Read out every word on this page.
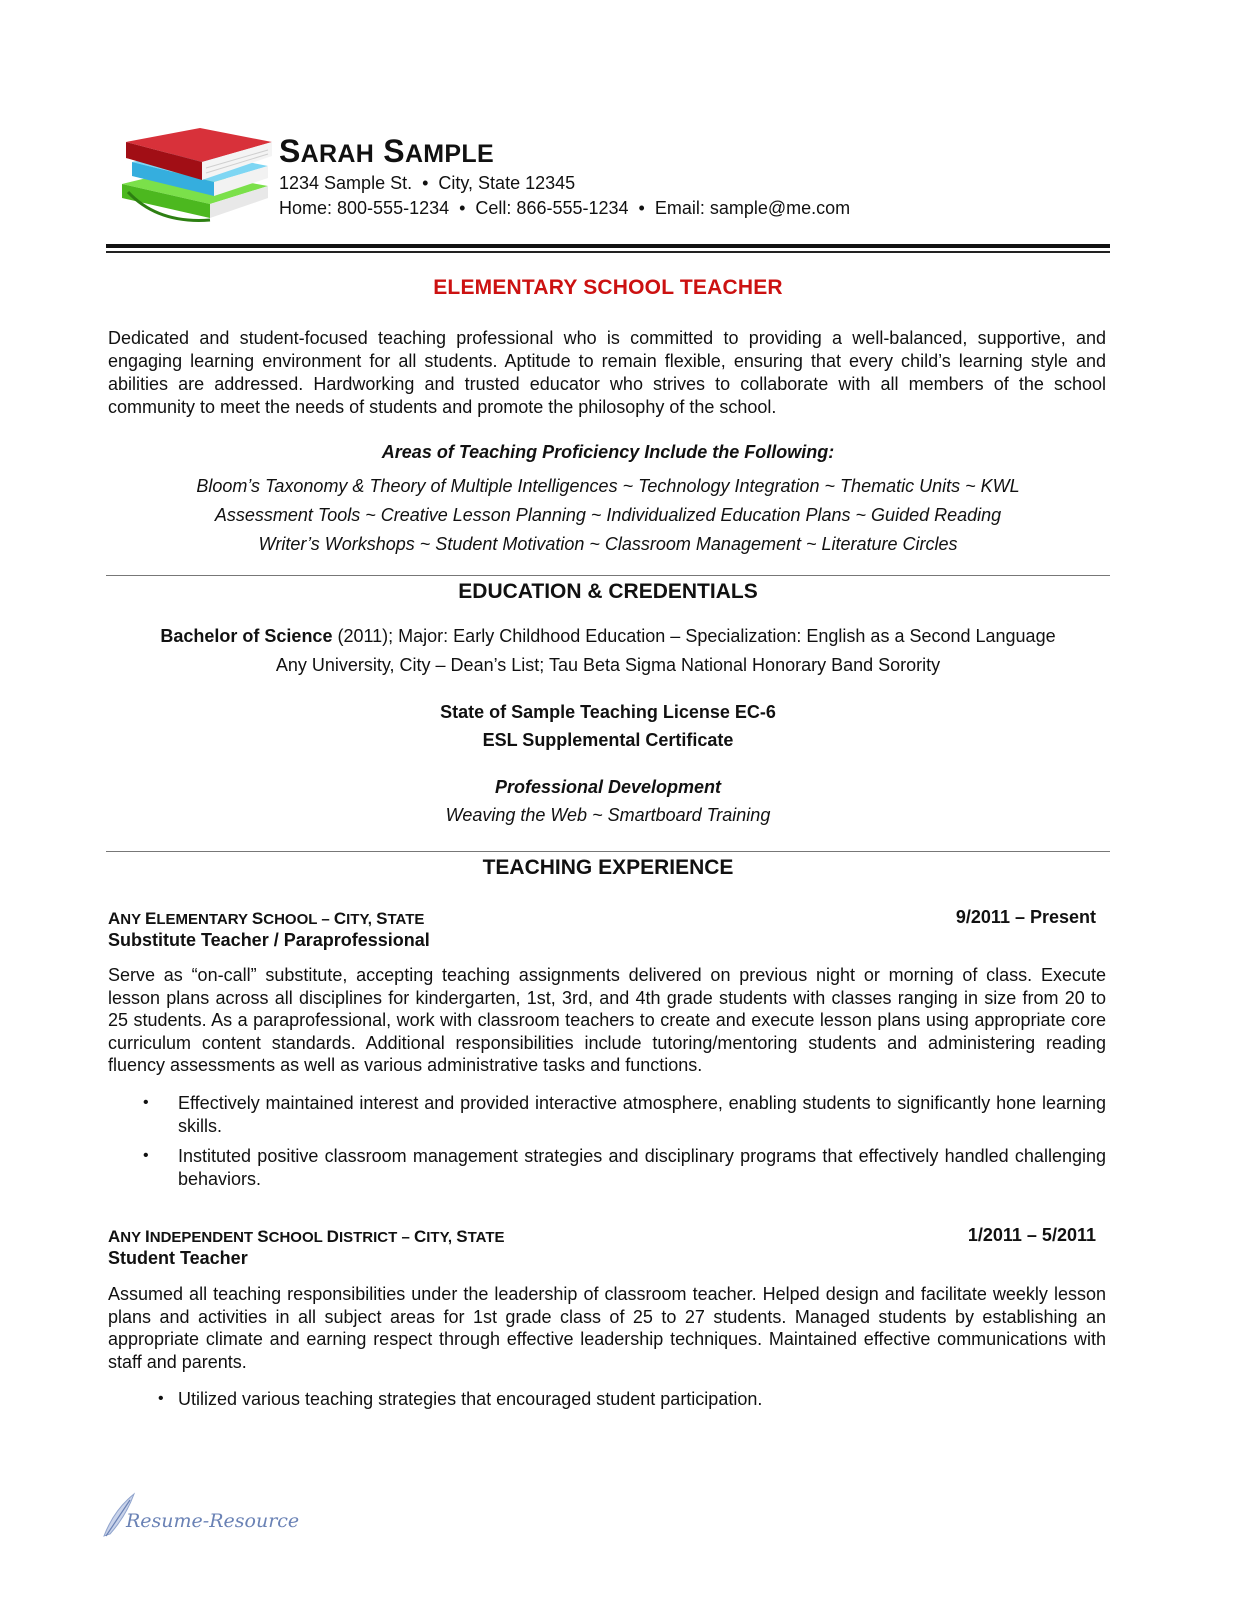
SARAH SAMPLE
1234 Sample St.  •  City, State 12345
Home: 800-555-1234  •  Cell: 866-555-1234  •  Email: sample@me.com
ELEMENTARY SCHOOL TEACHER
Dedicated and student-focused teaching professional who is committed to providing a well-balanced, supportive, and engaging learning environment for all students. Aptitude to remain flexible, ensuring that every child’s learning style and abilities are addressed. Hardworking and trusted educator who strives to collaborate with all members of the school community to meet the needs of students and promote the philosophy of the school.
Areas of Teaching Proficiency Include the Following:
Bloom’s Taxonomy & Theory of Multiple Intelligences ~ Technology Integration ~ Thematic Units ~ KWL
Assessment Tools ~ Creative Lesson Planning ~ Individualized Education Plans ~ Guided Reading
Writer’s Workshops ~ Student Motivation ~ Classroom Management ~ Literature Circles
EDUCATION & CREDENTIALS
Bachelor of Science (2011); Major: Early Childhood Education – Specialization: English as a Second Language
Any University, City – Dean’s List; Tau Beta Sigma National Honorary Band Sorority
State of Sample Teaching License EC-6
ESL Supplemental Certificate
Professional Development
Weaving the Web ~ Smartboard Training
TEACHING EXPERIENCE
ANY ELEMENTARY SCHOOL – CITY, STATE	9/2011 – Present
Substitute Teacher / Paraprofessional
Serve as “on-call” substitute, accepting teaching assignments delivered on previous night or morning of class. Execute lesson plans across all disciplines for kindergarten, 1st, 3rd, and 4th grade students with classes ranging in size from 20 to 25 students. As a paraprofessional, work with classroom teachers to create and execute lesson plans using appropriate core curriculum content standards. Additional responsibilities include tutoring/mentoring students and administering reading fluency assessments as well as various administrative tasks and functions.
• Effectively maintained interest and provided interactive atmosphere, enabling students to significantly hone learning skills.
• Instituted positive classroom management strategies and disciplinary programs that effectively handled challenging behaviors.
ANY INDEPENDENT SCHOOL DISTRICT – CITY, STATE	1/2011 – 5/2011
Student Teacher
Assumed all teaching responsibilities under the leadership of classroom teacher. Helped design and facilitate weekly lesson plans and activities in all subject areas for 1st grade class of 25 to 27 students. Managed students by establishing an appropriate climate and earning respect through effective leadership techniques. Maintained effective communications with staff and parents.
• Utilized various teaching strategies that encouraged student participation.
Resume-Resource
